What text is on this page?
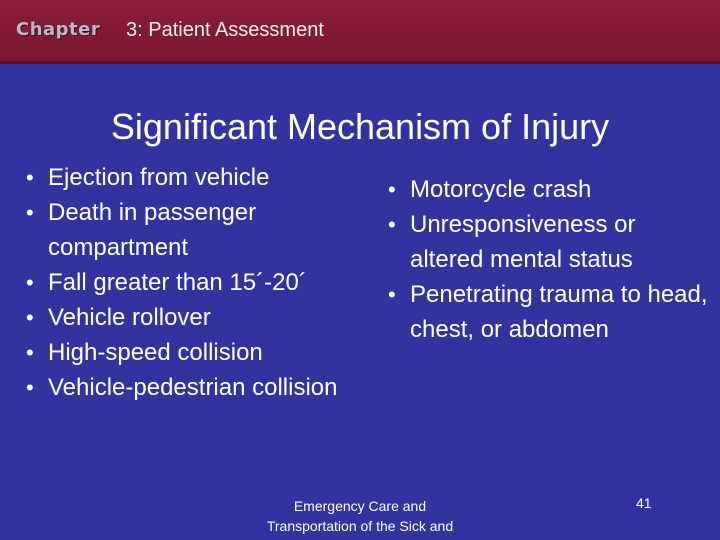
Chapter 3: Patient Assessment
Significant Mechanism of Injury
• Ejection from vehicle
• Death in passenger compartment
• Fall greater than 15´-20´
• Vehicle rollover
• High-speed collision
• Vehicle-pedestrian collision
• Motorcycle crash
• Unresponsiveness or altered mental status
• Penetrating trauma to head, chest, or abdomen
Emergency Care and
Transportation of the Sick and
41
